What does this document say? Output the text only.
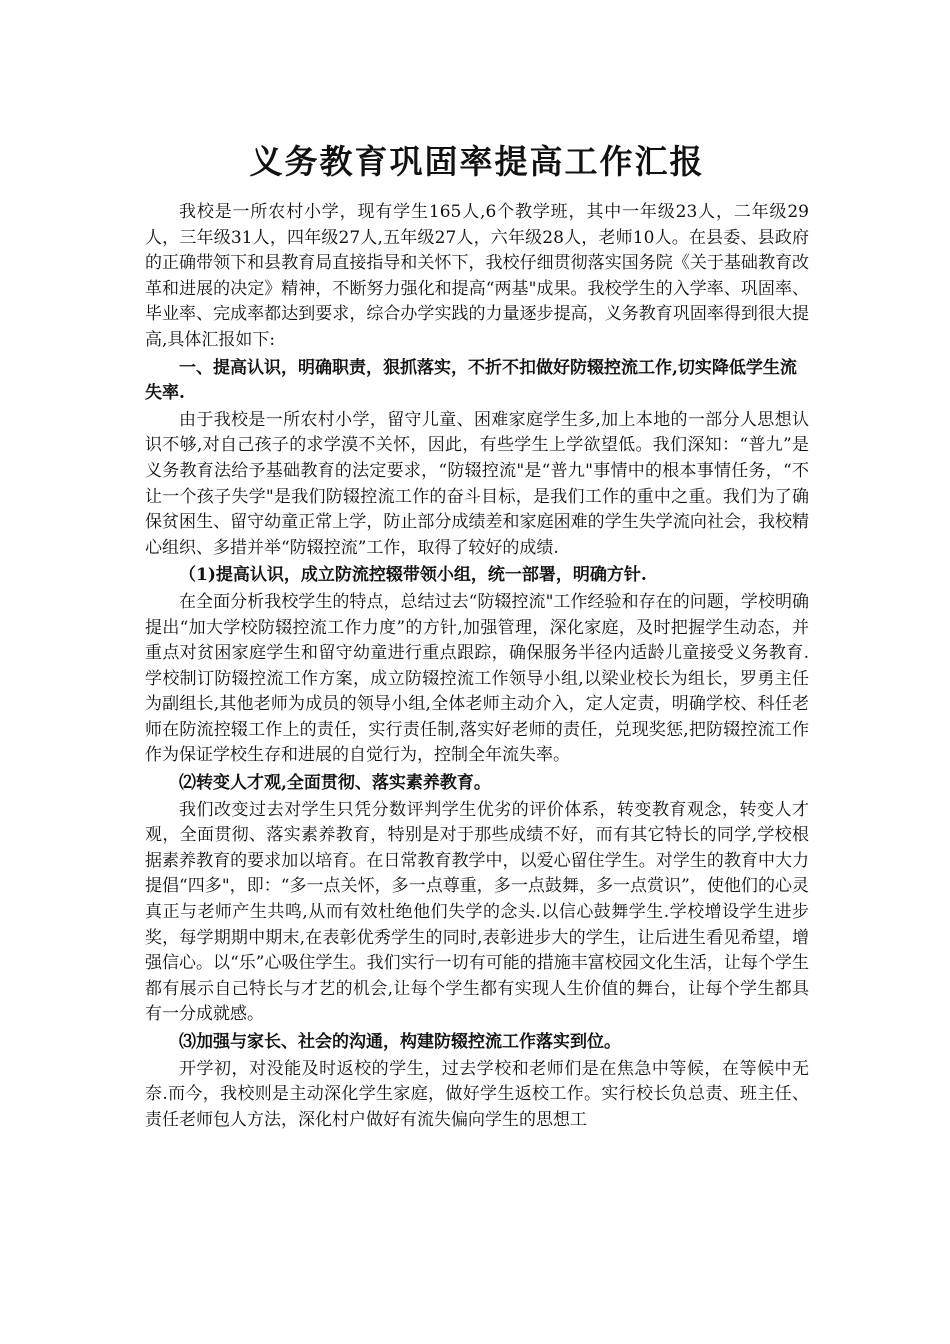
义务教育巩固率提高工作汇报

我校是一所农村小学，现有学生165人,6个教学班，其中一年级23人，二年级29人，三年级31人，四年级27人,五年级27人，六年级28人，老师10人。在县委、县政府的正确带领下和县教育局直接指导和关怀下，我校仔细贯彻落实国务院《关于基础教育改革和进展的决定》精神，不断努力强化和提高“两基"成果。我校学生的入学率、巩固率、毕业率、完成率都达到要求，综合办学实践的力量逐步提高，义务教育巩固率得到很大提高,具体汇报如下:

一、提高认识，明确职责，狠抓落实，不折不扣做好防辍控流工作,切实降低学生流失率.

由于我校是一所农村小学，留守儿童、困难家庭学生多,加上本地的一部分人思想认识不够,对自己孩子的求学漠不关怀，因此，有些学生上学欲望低。我们深知：“普九”是义务教育法给予基础教育的法定要求，“防辍控流"是“普九"事情中的根本事情任务，“不让一个孩子失学"是我们防辍控流工作的奋斗目标，是我们工作的重中之重。我们为了确保贫困生、留守幼童正常上学，防止部分成绩差和家庭困难的学生失学流向社会，我校精心组织、多措并举“防辍控流”工作，取得了较好的成绩.

（1)提高认识，成立防流控辍带领小组，统一部署，明确方针.

在全面分析我校学生的特点，总结过去“防辍控流"工作经验和存在的问题，学校明确提出“加大学校防辍控流工作力度”的方针,加强管理，深化家庭，及时把握学生动态，并重点对贫困家庭学生和留守幼童进行重点跟踪，确保服务半径内适龄儿童接受义务教育.学校制订防辍控流工作方案，成立防辍控流工作领导小组,以梁业校长为组长，罗勇主任为副组长,其他老师为成员的领导小组,全体老师主动介入，定人定责，明确学校、科任老师在防流控辍工作上的责任，实行责任制,落实好老师的责任，兑现奖惩,把防辍控流工作作为保证学校生存和进展的自觉行为，控制全年流失率。

⑵转变人才观,全面贯彻、落实素养教育。

我们改变过去对学生只凭分数评判学生优劣的评价体系，转变教育观念，转变人才观，全面贯彻、落实素养教育，特别是对于那些成绩不好，而有其它特长的同学,学校根据素养教育的要求加以培育。在日常教育教学中，以爱心留住学生。对学生的教育中大力提倡“四多"，即：“多一点关怀，多一点尊重，多一点鼓舞，多一点赏识”，使他们的心灵真正与老师产生共鸣,从而有效杜绝他们失学的念头.以信心鼓舞学生.学校增设学生进步奖，每学期期中期末,在表彰优秀学生的同时,表彰进步大的学生，让后进生看见希望，增强信心。以“乐”心吸住学生。我们实行一切有可能的措施丰富校园文化生活，让每个学生都有展示自己特长与才艺的机会,让每个学生都有实现人生价值的舞台，让每个学生都具有一分成就感。

⑶加强与家长、社会的沟通，构建防辍控流工作落实到位。

开学初，对没能及时返校的学生，过去学校和老师们是在焦急中等候，在等候中无奈.而今，我校则是主动深化学生家庭，做好学生返校工作。实行校长负总责、班主任、责任老师包人方法，深化村户做好有流失偏向学生的思想工
